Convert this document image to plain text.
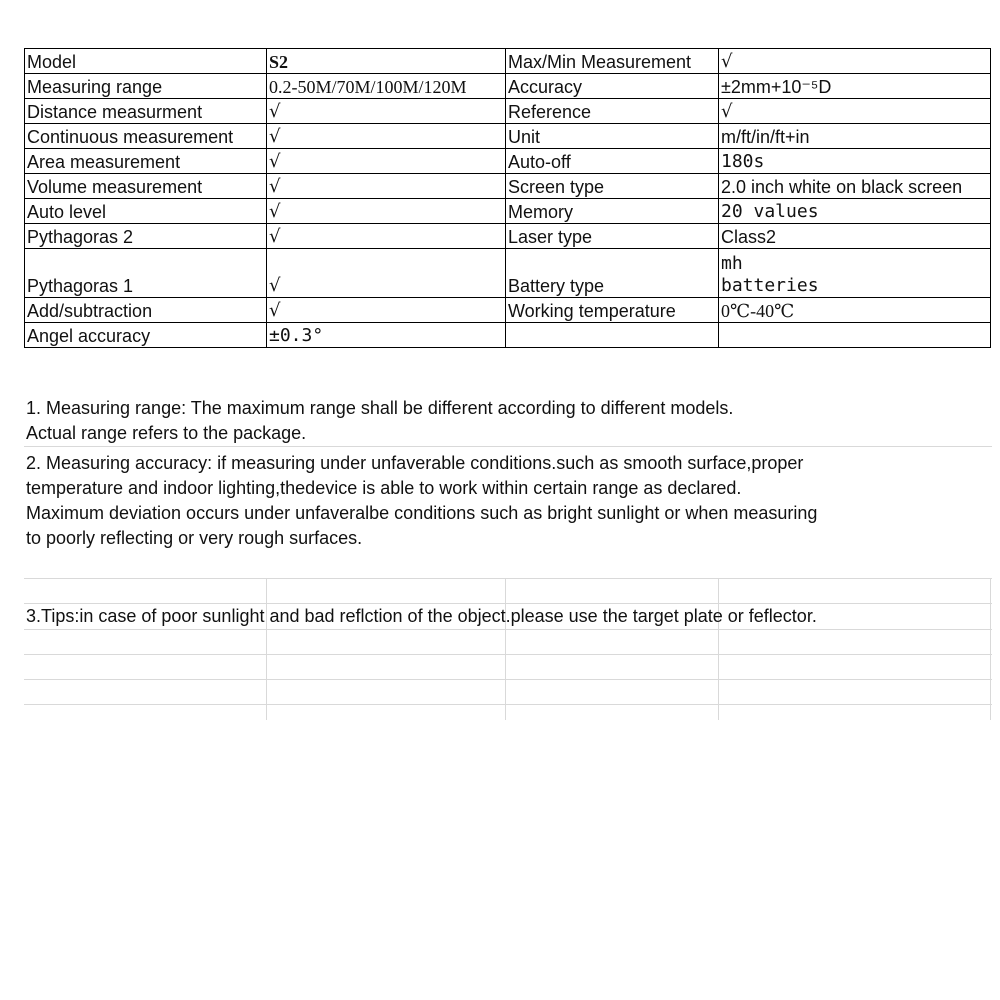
Model	S2	Max/Min Measurement	√
Measuring range	0.2-50M/70M/100M/120M	Accuracy	±2mm+10⁻⁵D
Distance measurment	√	Reference	√
Continuous measurement	√	Unit	m/ft/in/ft+in
Area measurement	√	Auto-off	180s
Volume measurement	√	Screen type	2.0 inch white on black screen
Auto level	√	Memory	20 values
Pythagoras 2	√	Laser type	Class2
Pythagoras 1	√	Battery type	mh
batteries

Add/subtraction	√	Working temperature	0℃-40℃
Angel accuracy	±0.3°		

1. Measuring range: The maximum range shall be different according to different models.

Actual range refers to the package.

2. Measuring accuracy: if measuring under unfaverable conditions.such as smooth surface,proper

temperature and indoor lighting,thedevice is able to work within certain range as declared.

Maximum deviation occurs under unfaveralbe conditions such as bright sunlight or when measuring

to poorly reflecting or very rough surfaces.

3.Tips:in case of poor sunlight and bad reflction of the object.please use the target plate or feflector.
